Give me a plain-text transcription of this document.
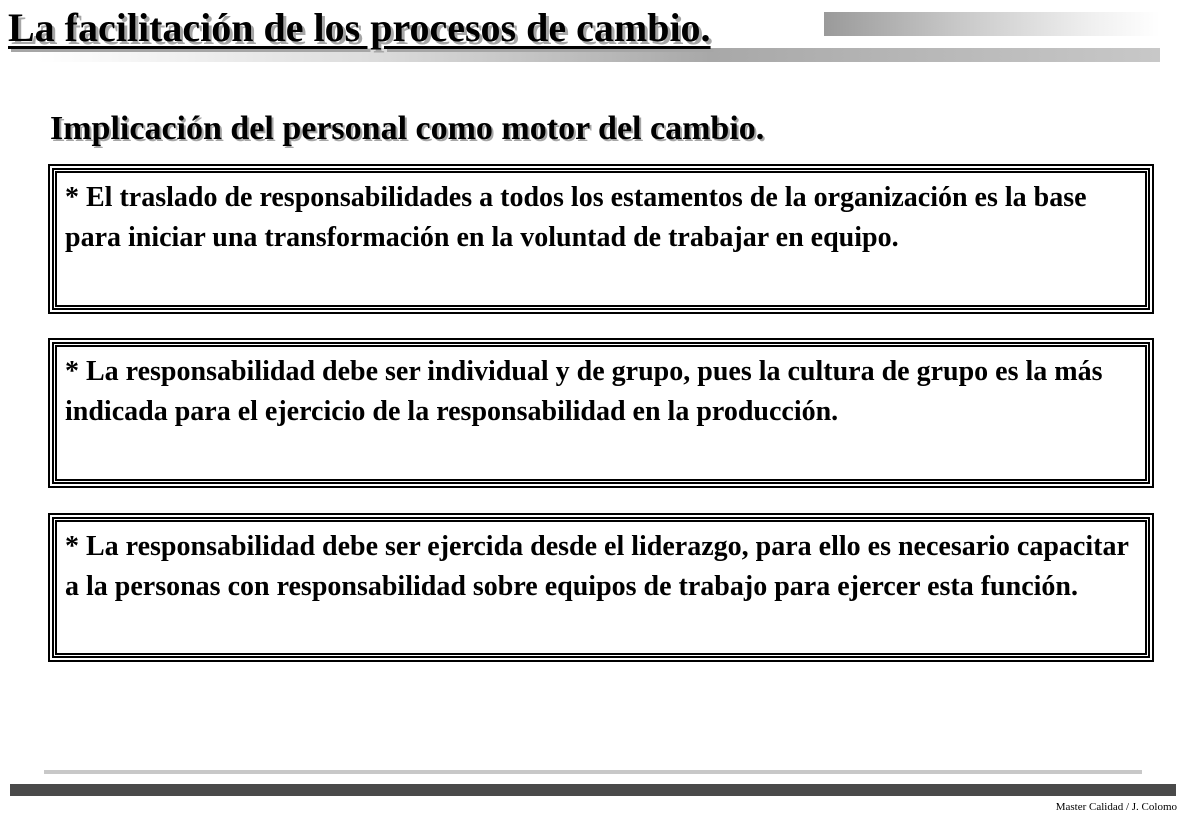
La facilitación de los procesos de cambio.
Implicación del personal como motor del cambio.
* El traslado de responsabilidades a todos los estamentos de la organización es la base para iniciar una transformación en la voluntad de trabajar en equipo.
* La responsabilidad debe ser individual y de grupo, pues la cultura de grupo es la más indicada para el ejercicio de la responsabilidad en la producción.
* La responsabilidad debe ser ejercida desde el liderazgo, para ello es necesario capacitar a la personas con responsabilidad sobre equipos de trabajo para ejercer esta función.
Master Calidad / J. Colomo
